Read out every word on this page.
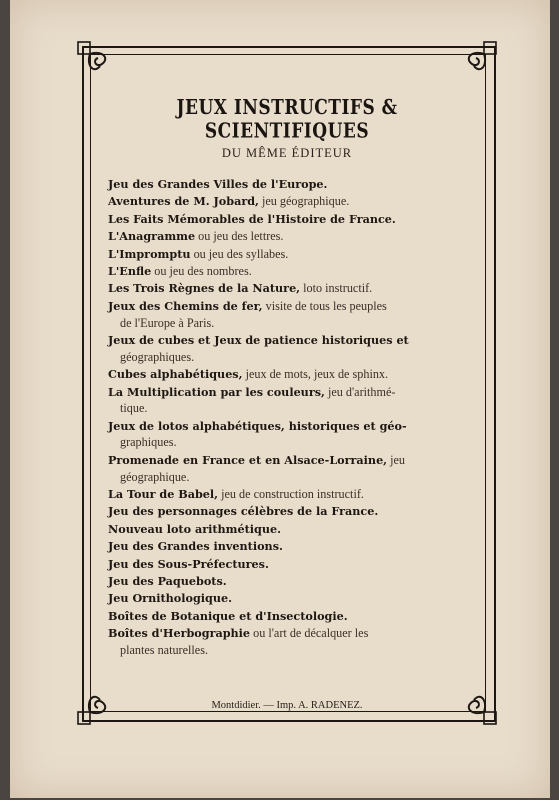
JEUX INSTRUCTIFS & SCIENTIFIQUES
DU MÊME ÉDITEUR
Jeu des Grandes Villes de l'Europe.
Aventures de M. Jobard, jeu géographique.
Les Faits Mémorables de l'Histoire de France.
L'Anagramme ou jeu des lettres.
L'Impromptu ou jeu des syllabes.
L'Enfle ou jeu des nombres.
Les Trois Règnes de la Nature, loto instructif.
Jeux des Chemins de fer, visite de tous les peuples
de l'Europe à Paris.
Jeux de cubes et Jeux de patience historiques et
géographiques.
Cubes alphabétiques, jeux de mots, jeux de sphinx.
La Multiplication par les couleurs, jeu d'arithmé-
tique.
Jeux de lotos alphabétiques, historiques et géo-
graphiques.
Promenade en France et en Alsace-Lorraine, jeu
géographique.
La Tour de Babel, jeu de construction instructif.
Jeu des personnages célèbres de la France.
Nouveau loto arithmétique.
Jeu des Grandes inventions.
Jeu des Sous-Préfectures.
Jeu des Paquebots.
Jeu Ornithologique.
Boîtes de Botanique et d'Insectologie.
Boîtes d'Herbographie ou l'art de décalquer les
plantes naturelles.
Montdidier. — Imp. A. RADENEZ.
